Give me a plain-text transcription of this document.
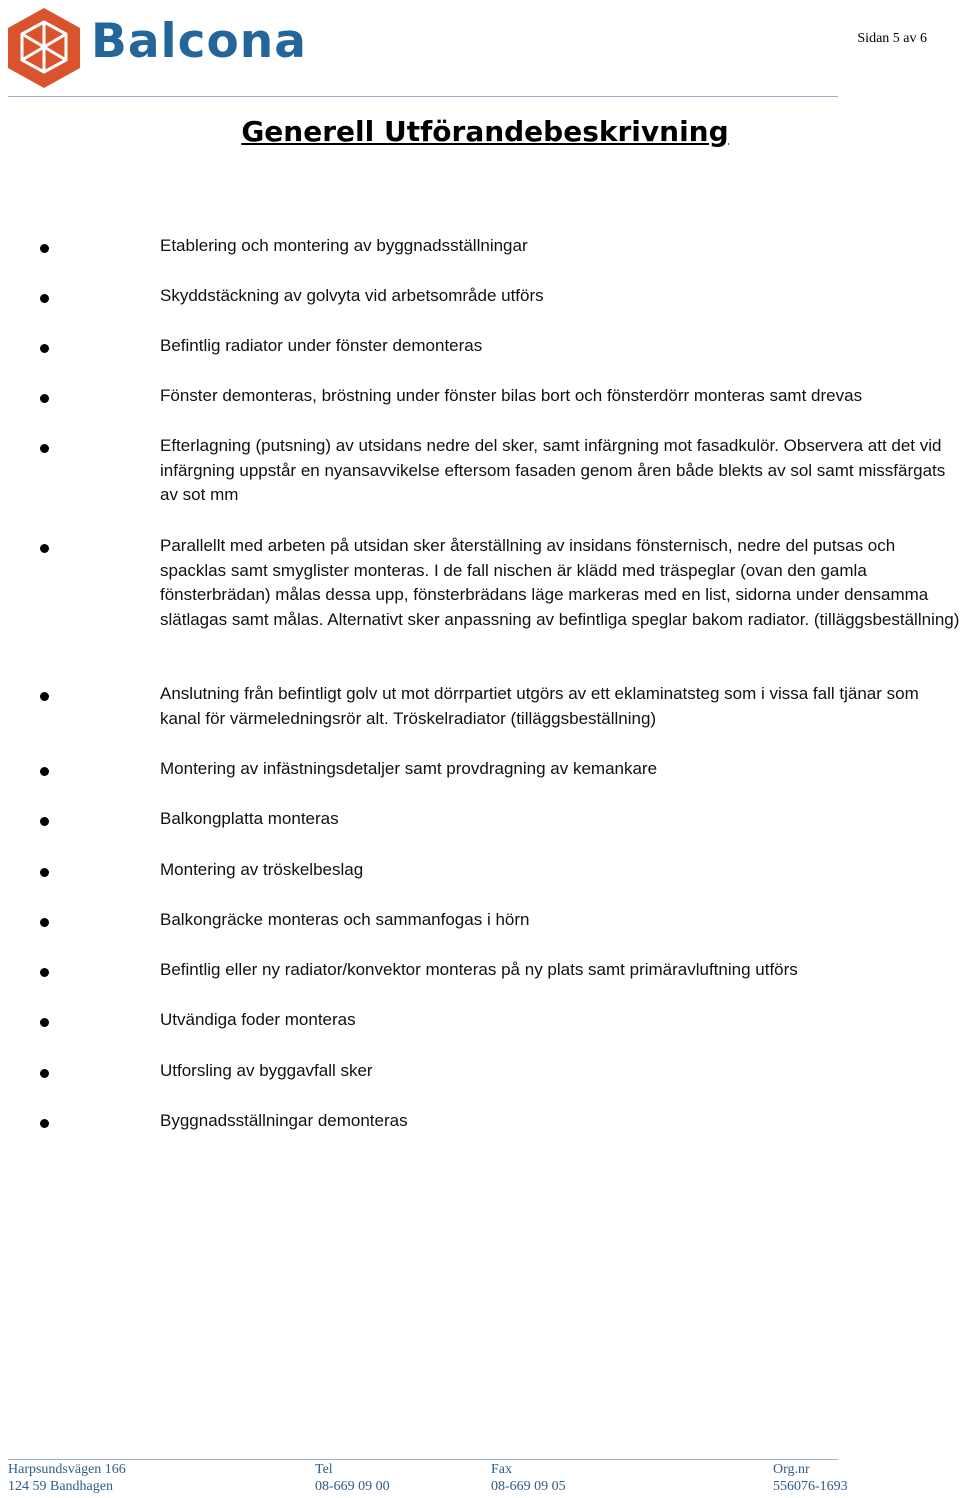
Balcona	Sidan 5 av 6
Generell Utförandebeskrivning
Etablering och montering av byggnadsställningar
Skyddstäckning av golvyta vid arbetsområde utförs
Befintlig radiator under fönster demonteras
Fönster demonteras, bröstning under fönster bilas bort och fönsterdörr monteras samt drevas
Efterlagning (putsning) av utsidans nedre del sker, samt infärgning mot fasadkulör. Observera att det vid infärgning uppstår en nyansavvikelse eftersom fasaden genom åren både blekts av sol samt missfärgats av sot mm
Parallellt med arbeten på utsidan sker återställning av insidans fönsternisch, nedre del putsas och spacklas samt smyglister monteras. I de fall nischen är klädd med träspeglar (ovan den gamla fönsterbrädan) målas dessa upp, fönsterbrädans läge markeras med en list, sidorna under densamma slätlagas samt målas. Alternativt sker anpassning av befintliga speglar bakom radiator. (tilläggsbeställning)
Anslutning från befintligt golv ut mot dörrpartiet utgörs av ett eklaminatsteg som i vissa fall tjänar som kanal för värmeledningsrör alt. Tröskelradiator (tilläggsbeställning)
Montering av infästningsdetaljer samt provdragning av kemankare
Balkongplatta monteras
Montering av tröskelbeslag
Balkongräcke monteras och sammanfogas i hörn
Befintlig eller ny radiator/konvektor monteras på ny plats samt primäravluftning utförs
Utvändiga foder monteras
Utforsling av byggavfall sker
Byggnadsställningar demonteras
Harpsundsvägen 166
124 59 Bandhagen
Tel
08-669 09 00
Fax
08-669 09 05
Org.nr
556076-1693
